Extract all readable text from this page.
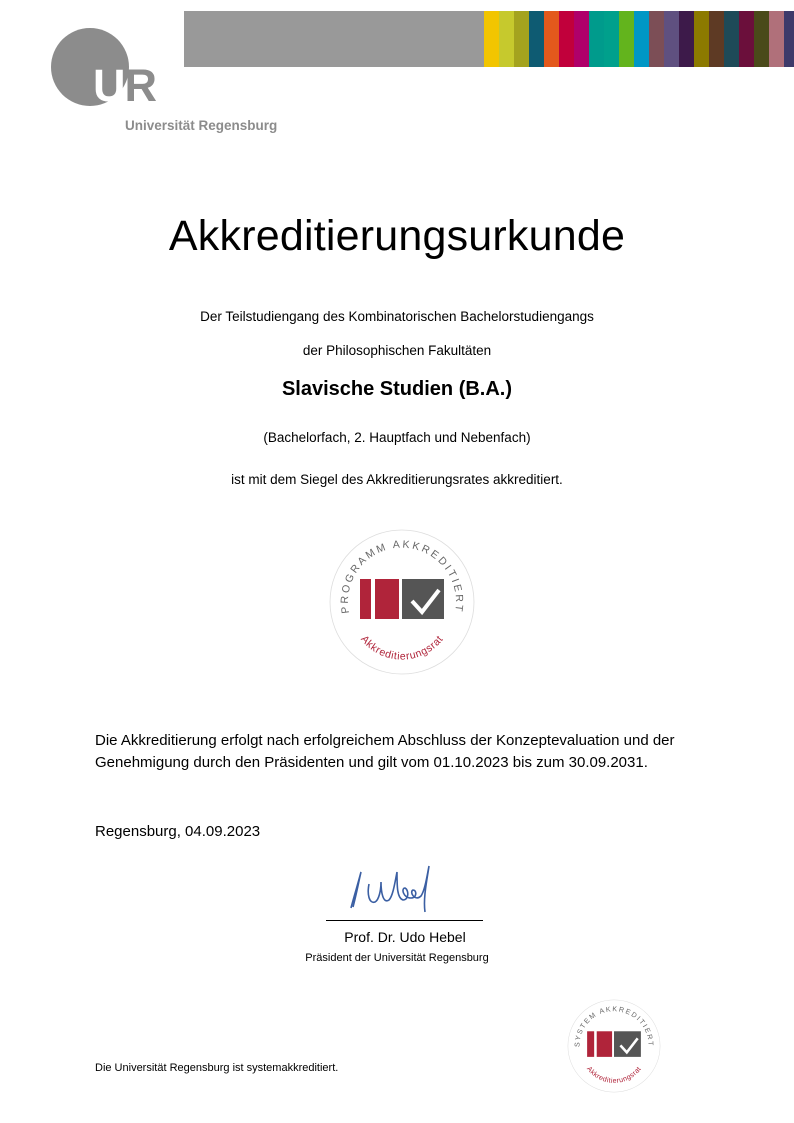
UR
Universität Regensburg
Akkreditierungsurkunde
Der Teilstudiengang des Kombinatorischen Bachelorstudiengangs
der Philosophischen Fakultäten
Slavische Studien (B.A.)
(Bachelorfach, 2. Hauptfach und Nebenfach)
ist mit dem Siegel des Akkreditierungsrates akkreditiert.
PROGRAMM AKKREDITIERT
Akkreditierungsrat
Die Akkreditierung erfolgt nach erfolgreichem Abschluss der Konzeptevaluation und der Genehmigung durch den Präsidenten und gilt vom 01.10.2023 bis zum 30.09.2031.
Regensburg, 04.09.2023
Prof. Dr. Udo Hebel
Präsident der Universität Regensburg
Die Universität Regensburg ist systemakkreditiert.
SYSTEM AKKREDITIERT
Akkreditierungsrat
